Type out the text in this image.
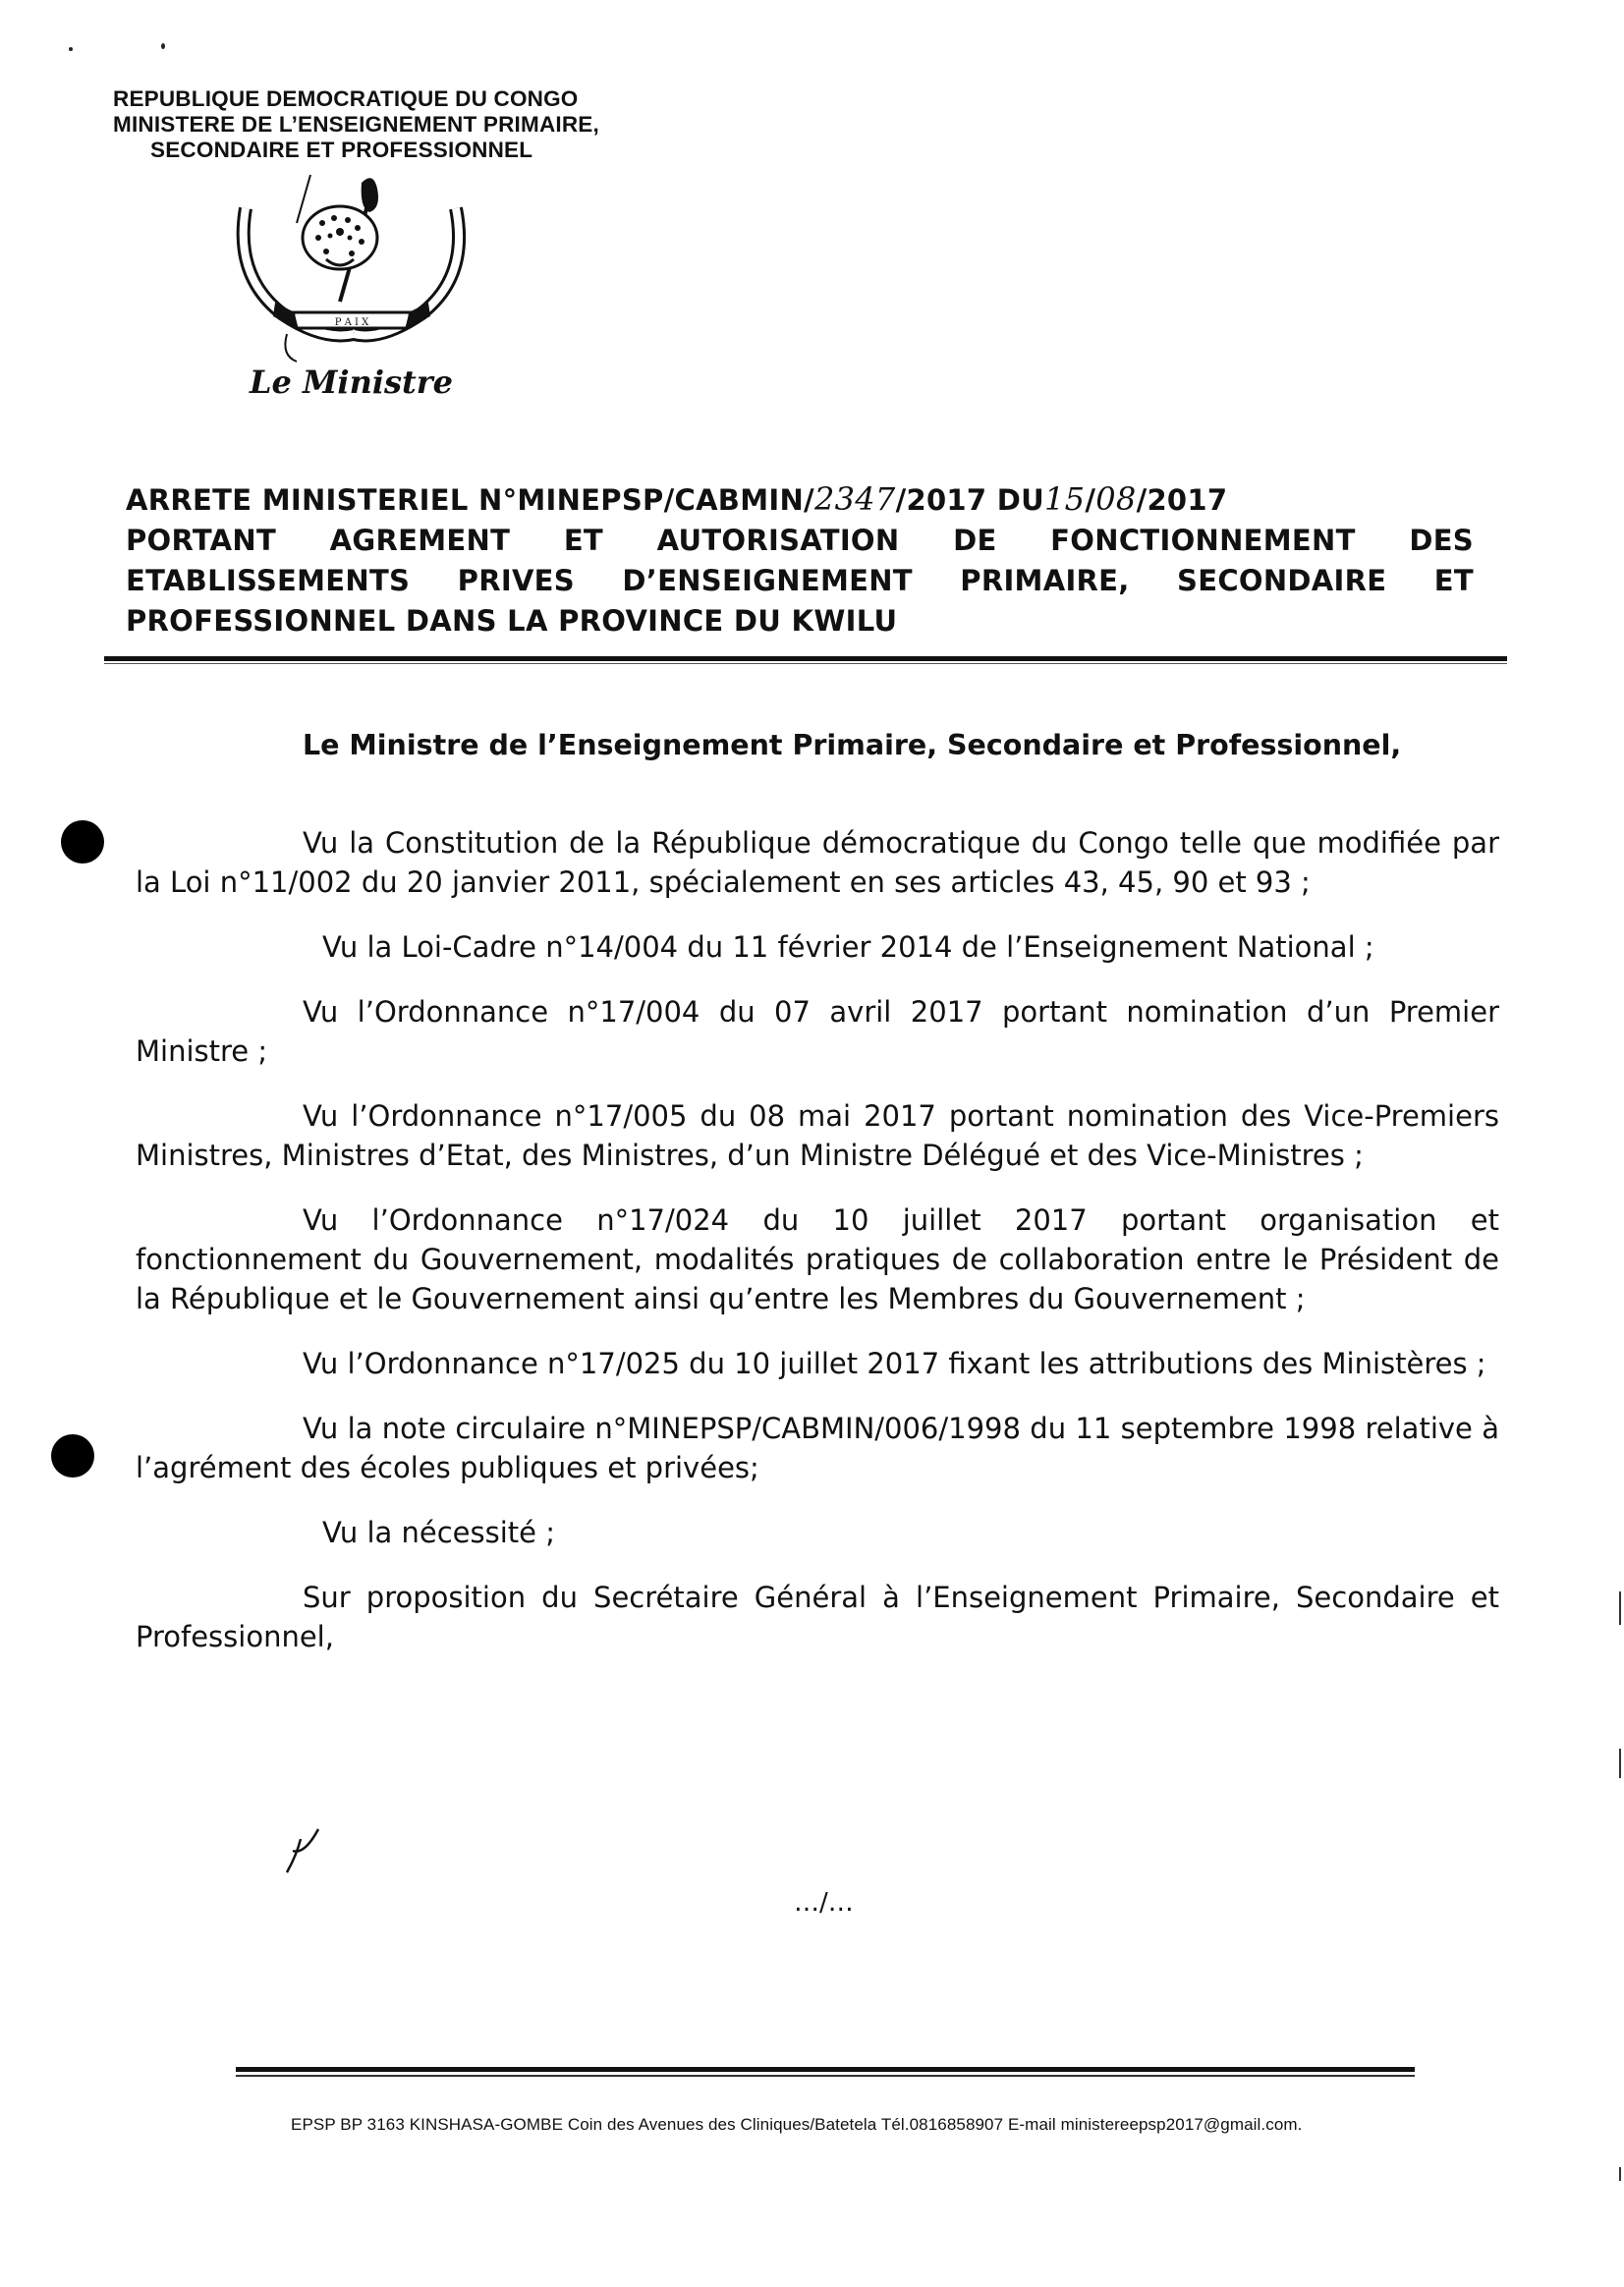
REPUBLIQUE DEMOCRATIQUE DU CONGO
MINISTERE DE L’ENSEIGNEMENT PRIMAIRE,
SECONDAIRE ET PROFESSIONNEL
P A I X
Le Ministre
ARRETE MINISTERIEL N°MINEPSP/CABMIN/2347/2017 DU15/08/2017
PORTANT AGREMENT ET AUTORISATION DE FONCTIONNEMENT DES
ETABLISSEMENTS PRIVES D’ENSEIGNEMENT PRIMAIRE, SECONDAIRE ET
PROFESSIONNEL DANS LA PROVINCE DU KWILU
Le Ministre de l’Enseignement Primaire, Secondaire et Professionnel,

Vu la Constitution de la République démocratique du Congo telle que modifiée par la Loi n°11/002 du 20 janvier 2011, spécialement en ses articles 43, 45, 90 et 93 ;

Vu la Loi-Cadre n°14/004 du 11 février 2014 de l’Enseignement National ;

Vu l’Ordonnance n°17/004 du 07 avril 2017 portant nomination d’un Premier Ministre ;

Vu l’Ordonnance n°17/005 du 08 mai 2017 portant nomination des Vice-Premiers Ministres, Ministres d’Etat, des Ministres, d’un Ministre Délégué et des Vice-Ministres ;

Vu l’Ordonnance n°17/024 du 10 juillet 2017 portant organisation et fonctionnement du Gouvernement, modalités pratiques de collaboration entre le Président de la République et le Gouvernement ainsi qu’entre les Membres du Gouvernement ;

Vu l’Ordonnance n°17/025 du 10 juillet 2017 fixant les attributions des Ministères ;

Vu la note circulaire n°MINEPSP/CABMIN/006/1998 du 11 septembre 1998 relative à l’agrément des écoles publiques et privées;

Vu la nécessité ;

Sur proposition du Secrétaire Général à l’Enseignement Primaire, Secondaire et Professionnel,

…/…
EPSP BP 3163 KINSHASA-GOMBE Coin des Avenues des Cliniques/Batetela Tél.0816858907 E-mail ministereepsp2017@gmail.com.
